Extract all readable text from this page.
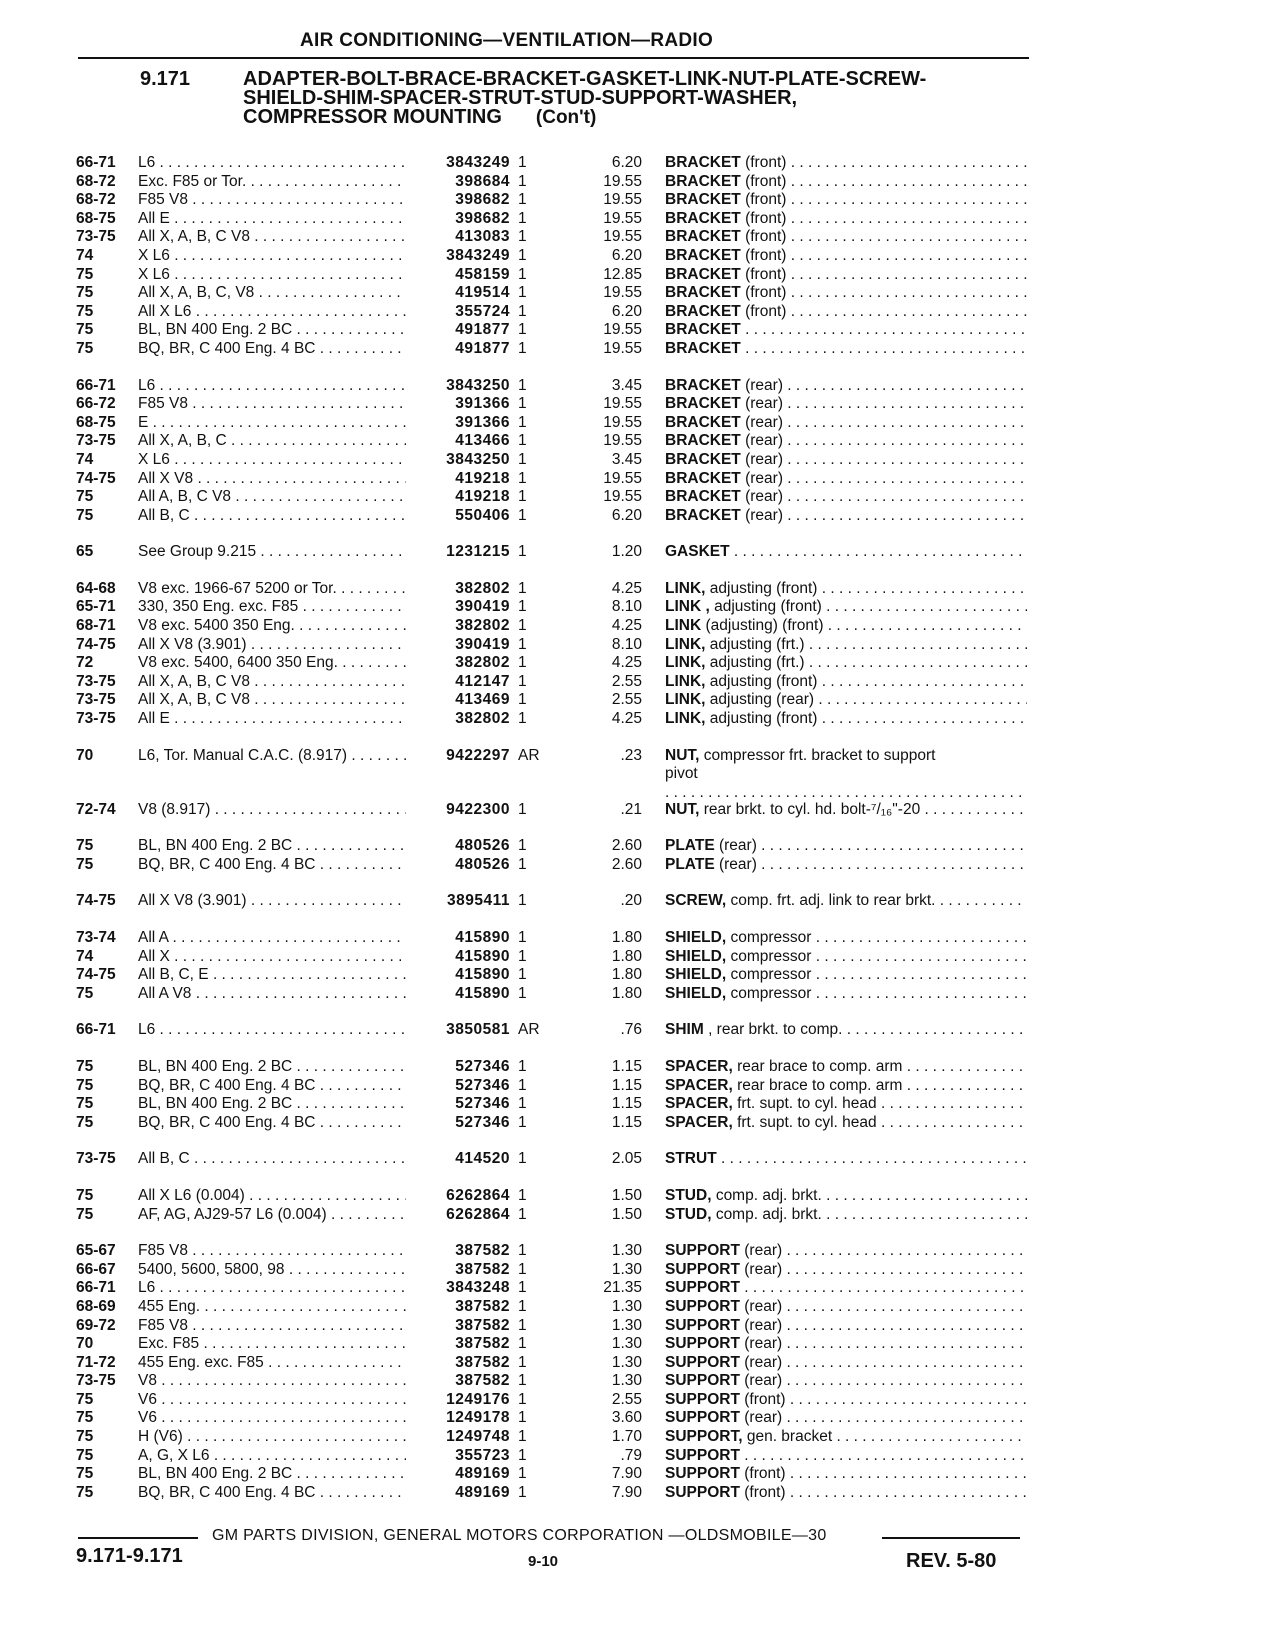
AIR CONDITIONING—VENTILATION—RADIO
9.171	ADAPTER-BOLT-BRACE-BRACKET-GASKET-LINK-NUT-PLATE-SCREW-
SHIELD-SHIM-SPACER-STRUT-STUD-SUPPORT-WASHER,
COMPRESSOR MOUNTING (Con't)
66-71	L6 . . .	3843249 1	6.20 BRACKET (front) . . .
68-72	Exc. F85 or Tor. . . .	398684 1	19.55 BRACKET (front) . . .
68-72	F85 V8 . . .	398682 1	19.55 BRACKET (front) . . .
68-75	All E . . .	398682 1	19.55 BRACKET (front) . . .
73-75	All X, A, B, C V8 . . .	413083 1	19.55 BRACKET (front) . . .
74	X L6 . . .	3843249 1	6.20 BRACKET (front) . . .
75	X L6 . . .	458159 1	12.85 BRACKET (front) . . .
75	All X, A, B, C, V8 . . .	419514 1	19.55 BRACKET (front) . . .
75	All X L6 . . .	355724 1	6.20 BRACKET (front) . . .
75	BL, BN 400 Eng. 2 BC . . .	491877 1	19.55 BRACKET . . .
75	BQ, BR, C 400 Eng. 4 BC . . .	491877 1	19.55 BRACKET . . .
66-71	L6 . . .	3843250 1	3.45 BRACKET (rear) . . .
66-72	F85 V8 . . .	391366 1	19.55 BRACKET (rear) . . .
68-75	E . . .	391366 1	19.55 BRACKET (rear) . . .
73-75	All X, A, B, C . . .	413466 1	19.55 BRACKET (rear) . . .
74	X L6 . . .	3843250 1	3.45 BRACKET (rear) . . .
74-75	All X V8 . . .	419218 1	19.55 BRACKET (rear) . . .
75	All A, B, C V8 . . .	419218 1	19.55 BRACKET (rear) . . .
75	All B, C . . .	550406 1	6.20 BRACKET (rear) . . .
65	See Group 9.215 . . .	1231215 1	1.20 GASKET . . .
64-68	V8 exc. 1966-67 5200 or Tor. . . .	382802 1	4.25 LINK, adjusting (front) . . .
65-71	330, 350 Eng. exc. F85 . . .	390419 1	8.10 LINK , adjusting (front) . . .
68-71	V8 exc. 5400 350 Eng. . . .	382802 1	4.25 LINK (adjusting) (front) . . .
74-75	All X V8 (3.901) . . .	390419 1	8.10 LINK, adjusting (frt.) . . .
72	V8 exc. 5400, 6400 350 Eng. . . .	382802 1	4.25 LINK, adjusting (frt.) . . .
73-75	All X, A, B, C V8 . . .	412147 1	2.55 LINK, adjusting (front) . . .
73-75	All X, A, B, C V8 . . .	413469 1	2.55 LINK, adjusting (rear) . . .
73-75	All E . . .	382802 1	4.25 LINK, adjusting (front) . . .
70	L6, Tor. Manual C.A.C. (8.917) . . .	9422297 AR	.23 NUT, compressor frt. bracket to support
pivot
. . .
72-74	V8 (8.917) . . .	9422300 1	.21 NUT, rear brkt. to cyl. hd. bolt-⁷/₁₆"-20 . . .
75	BL, BN 400 Eng. 2 BC . . .	480526 1	2.60 PLATE (rear) . . .
75	BQ, BR, C 400 Eng. 4 BC . . .	480526 1	2.60 PLATE (rear) . . .
74-75	All X V8 (3.901) . . .	3895411 1	.20 SCREW, comp. frt. adj. link to rear brkt. . . .
73-74	All A . . .	415890 1	1.80 SHIELD, compressor . . .
74	All X . . .	415890 1	1.80 SHIELD, compressor . . .
74-75	All B, C, E . . .	415890 1	1.80 SHIELD, compressor . . .
75	All A V8 . . .	415890 1	1.80 SHIELD, compressor . . .
66-71	L6 . . .	3850581 AR	.76 SHIM , rear brkt. to comp. . . .
75	BL, BN 400 Eng. 2 BC . . .	527346 1	1.15 SPACER, rear brace to comp. arm . . .
75	BQ, BR, C 400 Eng. 4 BC . . .	527346 1	1.15 SPACER, rear brace to comp. arm . . .
75	BL, BN 400 Eng. 2 BC . . .	527346 1	1.15 SPACER, frt. supt. to cyl. head . . .
75	BQ, BR, C 400 Eng. 4 BC . . .	527346 1	1.15 SPACER, frt. supt. to cyl. head . . .
73-75	All B, C . . .	414520 1	2.05 STRUT . . .
75	All X L6 (0.004) . . .	6262864 1	1.50 STUD, comp. adj. brkt. . . .
75	AF, AG, AJ29-57 L6 (0.004) . . .	6262864 1	1.50 STUD, comp. adj. brkt. . . .
65-67	F85 V8 . . .	387582 1	1.30 SUPPORT (rear) . . .
66-67	5400, 5600, 5800, 98 . . .	387582 1	1.30 SUPPORT (rear) . . .
66-71	L6 . . .	3843248 1	21.35 SUPPORT . . .
68-69	455 Eng. . . .	387582 1	1.30 SUPPORT (rear) . . .
69-72	F85 V8 . . .	387582 1	1.30 SUPPORT (rear) . . .
70	Exc. F85 . . .	387582 1	1.30 SUPPORT (rear) . . .
71-72	455 Eng. exc. F85 . . .	387582 1	1.30 SUPPORT (rear) . . .
73-75	V8 . . .	387582 1	1.30 SUPPORT (rear) . . .
75	V6 . . .	1249176 1	2.55 SUPPORT (front) . . .
75	V6 . . .	1249178 1	3.60 SUPPORT (rear) . . .
75	H (V6) . . .	1249748 1	1.70 SUPPORT, gen. bracket . . .
75	A, G, X L6 . . .	355723 1	.79 SUPPORT . . .
75	BL, BN 400 Eng. 2 BC . . .	489169 1	7.90 SUPPORT (front) . . .
75	BQ, BR, C 400 Eng. 4 BC . . .	489169 1	7.90 SUPPORT (front) . . .
GM PARTS DIVISION, GENERAL MOTORS CORPORATION —OLDSMOBILE—30
9.171-9.171	9-10	REV. 5-80
